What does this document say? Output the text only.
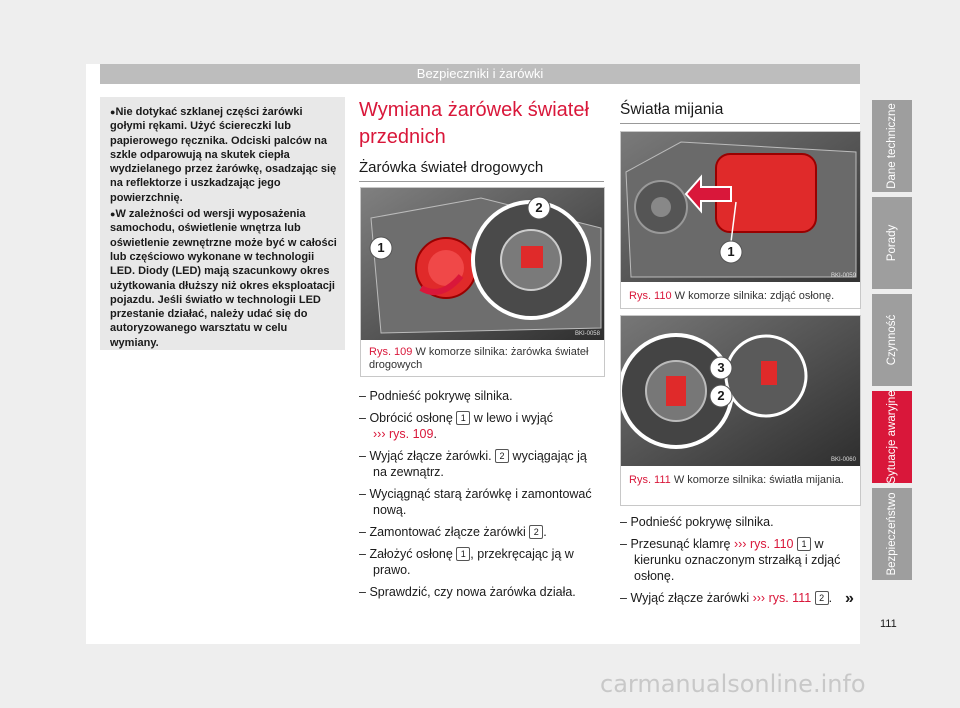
Bezpieczniki i żarówki

● Nie dotykać szklanej części żarówki gołymi rękami. Użyć ściereczki lub papierowego ręcznika. Odciski palców na szkle odparowują na skutek ciepła wydzielanego przez żarówkę, osadzając się na reflektorze i uszkadzając jego powierzchnię.

● W zależności od wersji wyposażenia samochodu, oświetlenie wnętrza lub oświetlenie zewnętrzne może być w całości lub częściowo wykonane w technologii LED. Diody (LED) mają szacunkowy okres użytkowania dłuższy niż okres eksploatacji pojazdu. Jeśli światło w technologii LED przestanie działać, należy udać się do autoryzowanego warsztatu w celu wymiany.

Wymiana żarówek świateł przednich
Żarówka świateł drogowych
1
2
BKI-0058
Rys. 109 W komorze silnika: żarówka świateł drogowych
– Podnieść pokrywę silnika.
– Obrócić osłonę 1 w lewo i wyjąć
››› rys. 109.
– Wyjąć złącze żarówki. 2 wyciągając ją na zewnątrz.
– Wyciągnąć starą żarówkę i zamontować nową.
– Zamontować złącze żarówki 2 .
– Założyć osłonę 1 , przekręcając ją w prawo.
– Sprawdzić, czy nowa żarówka działa.
Światła mijania
1
BKI-0059
Rys. 110 W komorze silnika: zdjąć osłonę.
3
2
BKI-0060
Rys. 111 W komorze silnika: światła mijania.
– Podnieść pokrywę silnika.
– Przesunąć klamrę ››› rys. 110 1 w kierunku oznaczonym strzałką i zdjąć osłonę.
– Wyjąć złącze żarówki ››› rys. 111 2 . »
Dane techniczne
Porady
Czynność
Sytuacje awaryjne
Bezpieczeństwo
111
carmanualsonline.info
